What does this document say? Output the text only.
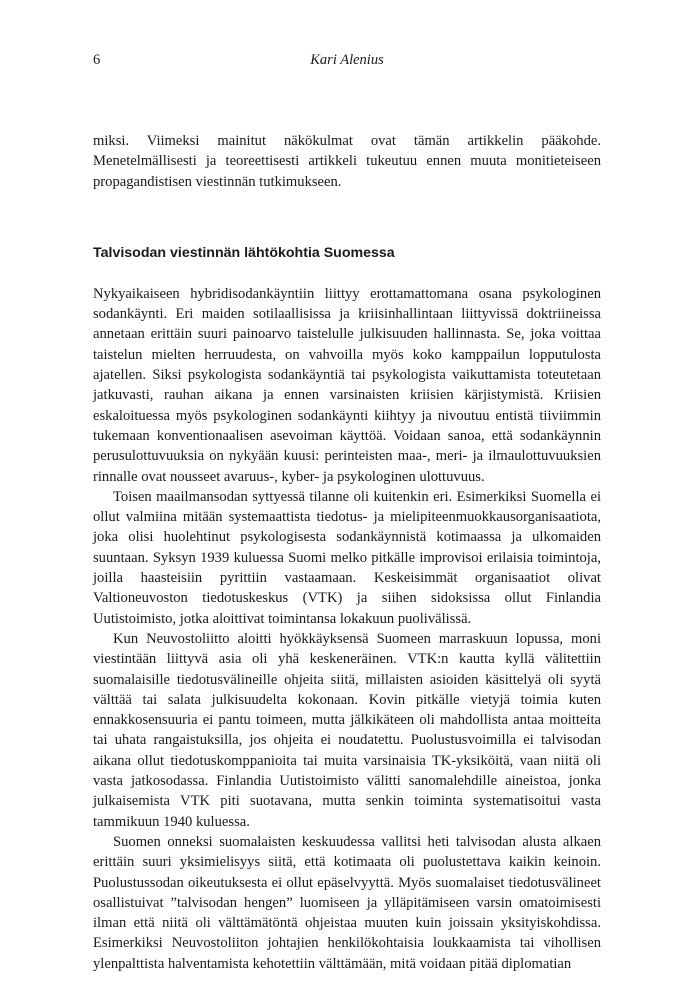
6	Kari Alenius

miksi. Viimeksi mainitut näkökulmat ovat tämän artikkelin pääkohde. Menetelmällisesti ja teoreettisesti artikkeli tukeutuu ennen muuta monitieteiseen propagandistisen viestinnän tutkimukseen.

Talvisodan viestinnän lähtökohtia Suomessa

Nykyaikaiseen hybridisodankäyntiin liittyy erottamattomana osana psykologinen sodankäynti. Eri maiden sotilaallisissa ja kriisinhallintaan liittyvissä doktriineissa annetaan erittäin suuri painoarvo taistelulle julkisuuden hallinnasta. Se, joka voittaa taistelun mielten herruudesta, on vahvoilla myös koko kamppailun lopputulosta ajatellen. Siksi psykologista sodankäyntiä tai psykologista vaikuttamista toteutetaan jatkuvasti, rauhan aikana ja ennen varsinaisten kriisien kärjistymistä. Kriisien eskaloituessa myös psykologinen sodankäynti kiihtyy ja nivoutuu entistä tiiviimmin tukemaan konventionaalisen asevoiman käyttöä. Voidaan sanoa, että sodankäynnin perusulottuvuuksia on nykyään kuusi: perinteisten maa-, meri- ja ilmaulottuvuuksien rinnalle ovat nousseet avaruus-, kyber- ja psykologinen ulottuvuus.

Toisen maailmansodan syttyessä tilanne oli kuitenkin eri. Esimerkiksi Suomella ei ollut valmiina mitään systemaattista tiedotus- ja mielipiteenmuokkausorganisaatiota, joka olisi huolehtinut psykologisesta sodankäynnistä kotimaassa ja ulkomaiden suuntaan. Syksyn 1939 kuluessa Suomi melko pitkälle improvisoi erilaisia toimintoja, joilla haasteisiin pyrittiin vastaamaan. Keskeisimmät organisaatiot olivat Valtioneuvoston tiedotuskeskus (VTK) ja siihen sidoksissa ollut Finlandia Uutistoimisto, jotka aloittivat toimintansa lokakuun puolivälissä.

Kun Neuvostoliitto aloitti hyökkäyksensä Suomeen marraskuun lopussa, moni viestintään liittyvä asia oli yhä keskeneräinen. VTK:n kautta kyllä välitettiin suomalaisille tiedotusvälineille ohjeita siitä, millaisten asioiden käsittelyä oli syytä välttää tai salata julkisuudelta kokonaan. Kovin pitkälle vietyjä toimia kuten ennakkosensuuria ei pantu toimeen, mutta jälkikäteen oli mahdollista antaa moitteita tai uhata rangaistuksilla, jos ohjeita ei noudatettu. Puolustusvoimilla ei talvisodan aikana ollut tiedotuskomppanioita tai muita varsinaisia TK-yksiköitä, vaan niitä oli vasta jatkosodassa. Finlandia Uutistoimisto välitti sanomalehdille aineistoa, jonka julkaisemista VTK piti suotavana, mutta senkin toiminta systematisoitui vasta tammikuun 1940 kuluessa.

Suomen onneksi suomalaisten keskuudessa vallitsi heti talvisodan alusta alkaen erittäin suuri yksimielisyys siitä, että kotimaata oli puolustettava kaikin keinoin. Puolustussodan oikeutuksesta ei ollut epäselvyyttä. Myös suomalaiset tiedotusvälineet osallistuivat ”talvisodan hengen” luomiseen ja ylläpitämiseen varsin omatoimisesti ilman että niitä oli välttämätöntä ohjeistaa muuten kuin joissain yksityiskohdissa. Esimerkiksi Neuvostoliiton johtajien henkilökohtaisia loukkaamista tai vihollisen ylenpalttista halventamista kehotettiin välttämään, mitä voidaan pitää diplomatian
